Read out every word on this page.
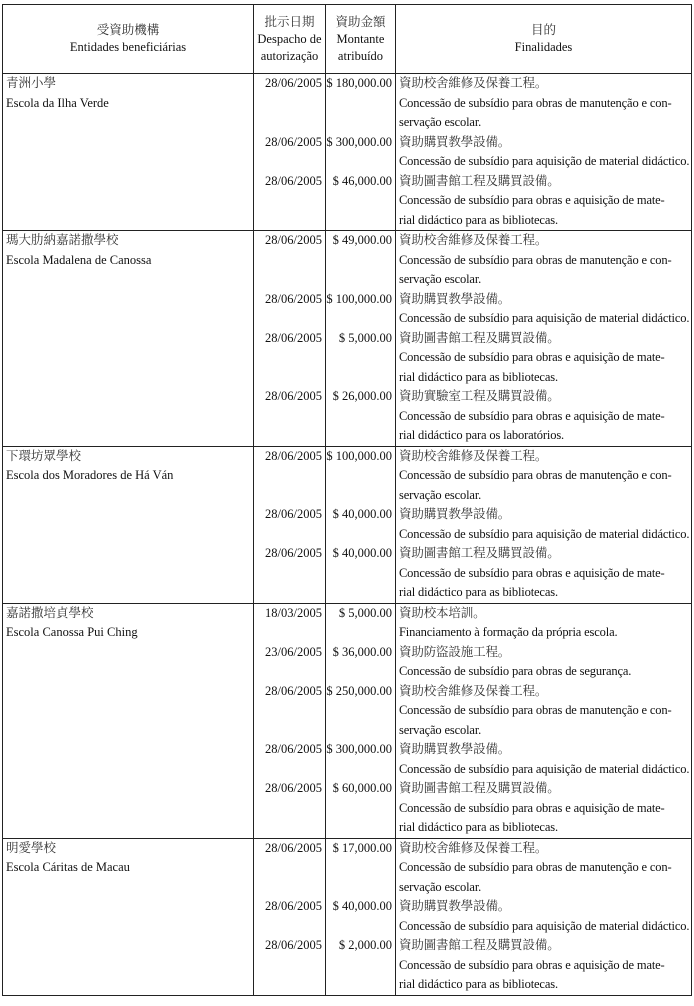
受資助機構
Entidades beneficiárias
批示日期
Despacho de
autorização
資助金額
Montante
atribuído
目的
Finalidades
青洲小學
Escola da Ilha Verde
28/06/2005
28/06/2005
28/06/2005
$ 180,000.00
$ 300,000.00
$ 46,000.00
資助校舍維修及保養工程。
Concessão de subsídio para obras de manutenção e con-
servação escolar.
資助購買教學設備。
Concessão de subsídio para aquisição de material didáctico.
資助圖書館工程及購買設備。
Concessão de subsídio para obras e aquisição de mate-
rial didáctico para as bibliotecas.
瑪大肋納嘉諾撒學校
Escola Madalena de Canossa
28/06/2005
28/06/2005
28/06/2005
28/06/2005
$ 49,000.00
$ 100,000.00
$ 5,000.00
$ 26,000.00
資助校舍維修及保養工程。
Concessão de subsídio para obras de manutenção e con-
servação escolar.
資助購買教學設備。
Concessão de subsídio para aquisição de material didáctico.
資助圖書館工程及購買設備。
Concessão de subsídio para obras e aquisição de mate-
rial didáctico para as bibliotecas.
資助實驗室工程及購買設備。
Concessão de subsídio para obras e aquisição de mate-
rial didáctico para os laboratórios.
下環坊眾學校
Escola dos Moradores de Há Ván
28/06/2005
28/06/2005
28/06/2005
$ 100,000.00
$ 40,000.00
$ 40,000.00
資助校舍維修及保養工程。
Concessão de subsídio para obras de manutenção e con-
servação escolar.
資助購買教學設備。
Concessão de subsídio para aquisição de material didáctico.
資助圖書館工程及購買設備。
Concessão de subsídio para obras e aquisição de mate-
rial didáctico para as bibliotecas.
嘉諾撒培貞學校
Escola Canossa Pui Ching
18/03/2005
23/06/2005
28/06/2005
28/06/2005
28/06/2005
$ 5,000.00
$ 36,000.00
$ 250,000.00
$ 300,000.00
$ 60,000.00
資助校本培訓。
Financiamento à formação da própria escola.
資助防盜設施工程。
Concessão de subsídio para obras de segurança.
資助校舍維修及保養工程。
Concessão de subsídio para obras de manutenção e con-
servação escolar.
資助購買教學設備。
Concessão de subsídio para aquisição de material didáctico.
資助圖書館工程及購買設備。
Concessão de subsídio para obras e aquisição de mate-
rial didáctico para as bibliotecas.
明愛學校
Escola Cáritas de Macau
28/06/2005
28/06/2005
28/06/2005
$ 17,000.00
$ 40,000.00
$ 2,000.00
資助校舍維修及保養工程。
Concessão de subsídio para obras de manutenção e con-
servação escolar.
資助購買教學設備。
Concessão de subsídio para aquisição de material didáctico.
資助圖書館工程及購買設備。
Concessão de subsídio para obras e aquisição de mate-
rial didáctico para as bibliotecas.
